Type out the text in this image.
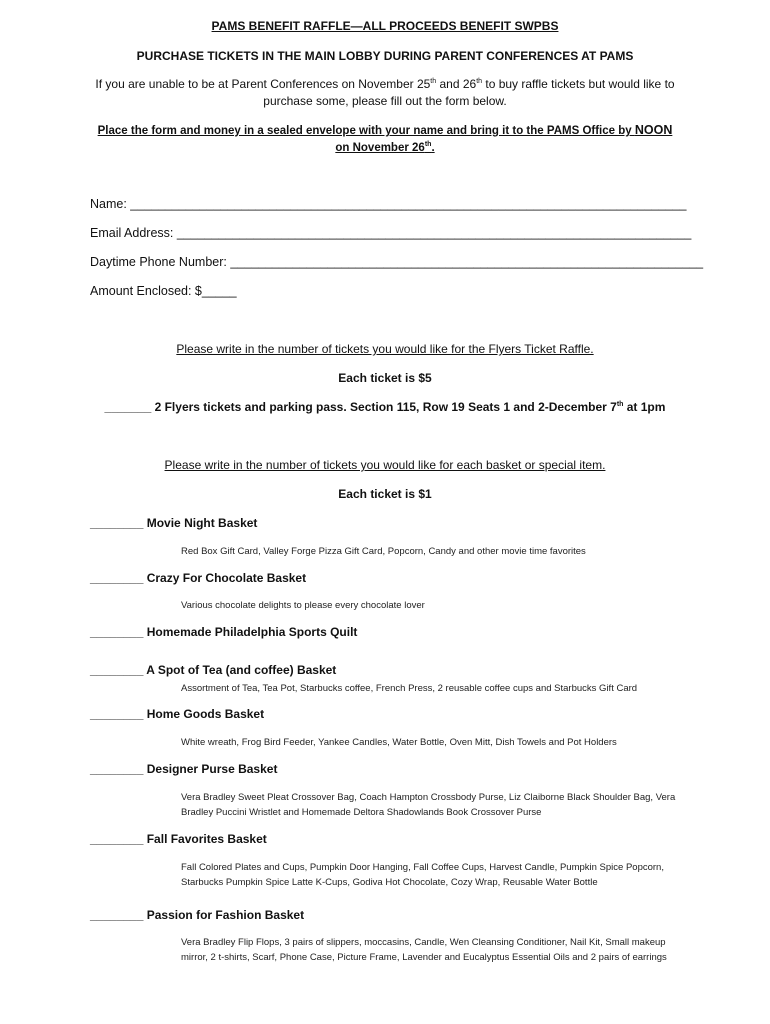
PAMS BENEFIT RAFFLE—ALL PROCEEDS BENEFIT SWPBS
PURCHASE TICKETS IN THE MAIN LOBBY DURING PARENT CONFERENCES AT PAMS
If you are unable to be at Parent Conferences on November 25th and 26th to buy raffle tickets but would like to purchase some, please fill out the form below.
Place the form and money in a sealed envelope with your name and bring it to the PAMS Office by NOON on November 26th.
Name: ________________________________________________________________________________
Email Address: __________________________________________________________________________
Daytime Phone Number: ____________________________________________________________________
Amount Enclosed: $_____
Please write in the number of tickets you would like for the Flyers Ticket Raffle.
Each ticket is $5
_______ 2 Flyers tickets and parking pass. Section 115, Row 19 Seats 1 and 2-December 7th at 1pm
Please write in the number of tickets you would like for each basket or special item.
Each ticket is $1
________ Movie Night Basket
Red Box Gift Card, Valley Forge Pizza Gift Card, Popcorn, Candy and other movie time favorites
________ Crazy For Chocolate Basket
Various chocolate delights to please every chocolate lover
________ Homemade Philadelphia Sports Quilt
________ A Spot of Tea (and coffee) Basket
Assortment of Tea, Tea Pot, Starbucks coffee, French Press, 2 reusable coffee cups and Starbucks Gift Card
________ Home Goods Basket
White wreath, Frog Bird Feeder, Yankee Candles, Water Bottle, Oven Mitt, Dish Towels and Pot Holders
________ Designer Purse Basket
Vera Bradley Sweet Pleat Crossover Bag, Coach Hampton Crossbody Purse, Liz Claiborne Black Shoulder Bag, Vera Bradley Puccini Wristlet and Homemade Deltora Shadowlands Book Crossover Purse
________ Fall Favorites Basket
Fall Colored Plates and Cups, Pumpkin Door Hanging, Fall Coffee Cups, Harvest Candle, Pumpkin Spice Popcorn, Starbucks Pumpkin Spice Latte K-Cups, Godiva Hot Chocolate, Cozy Wrap, Reusable Water Bottle
________ Passion for Fashion Basket
Vera Bradley Flip Flops, 3 pairs of slippers, moccasins, Candle, Wen Cleansing Conditioner, Nail Kit, Small makeup mirror, 2 t-shirts, Scarf, Phone Case, Picture Frame, Lavender and Eucalyptus Essential Oils and 2 pairs of earrings
